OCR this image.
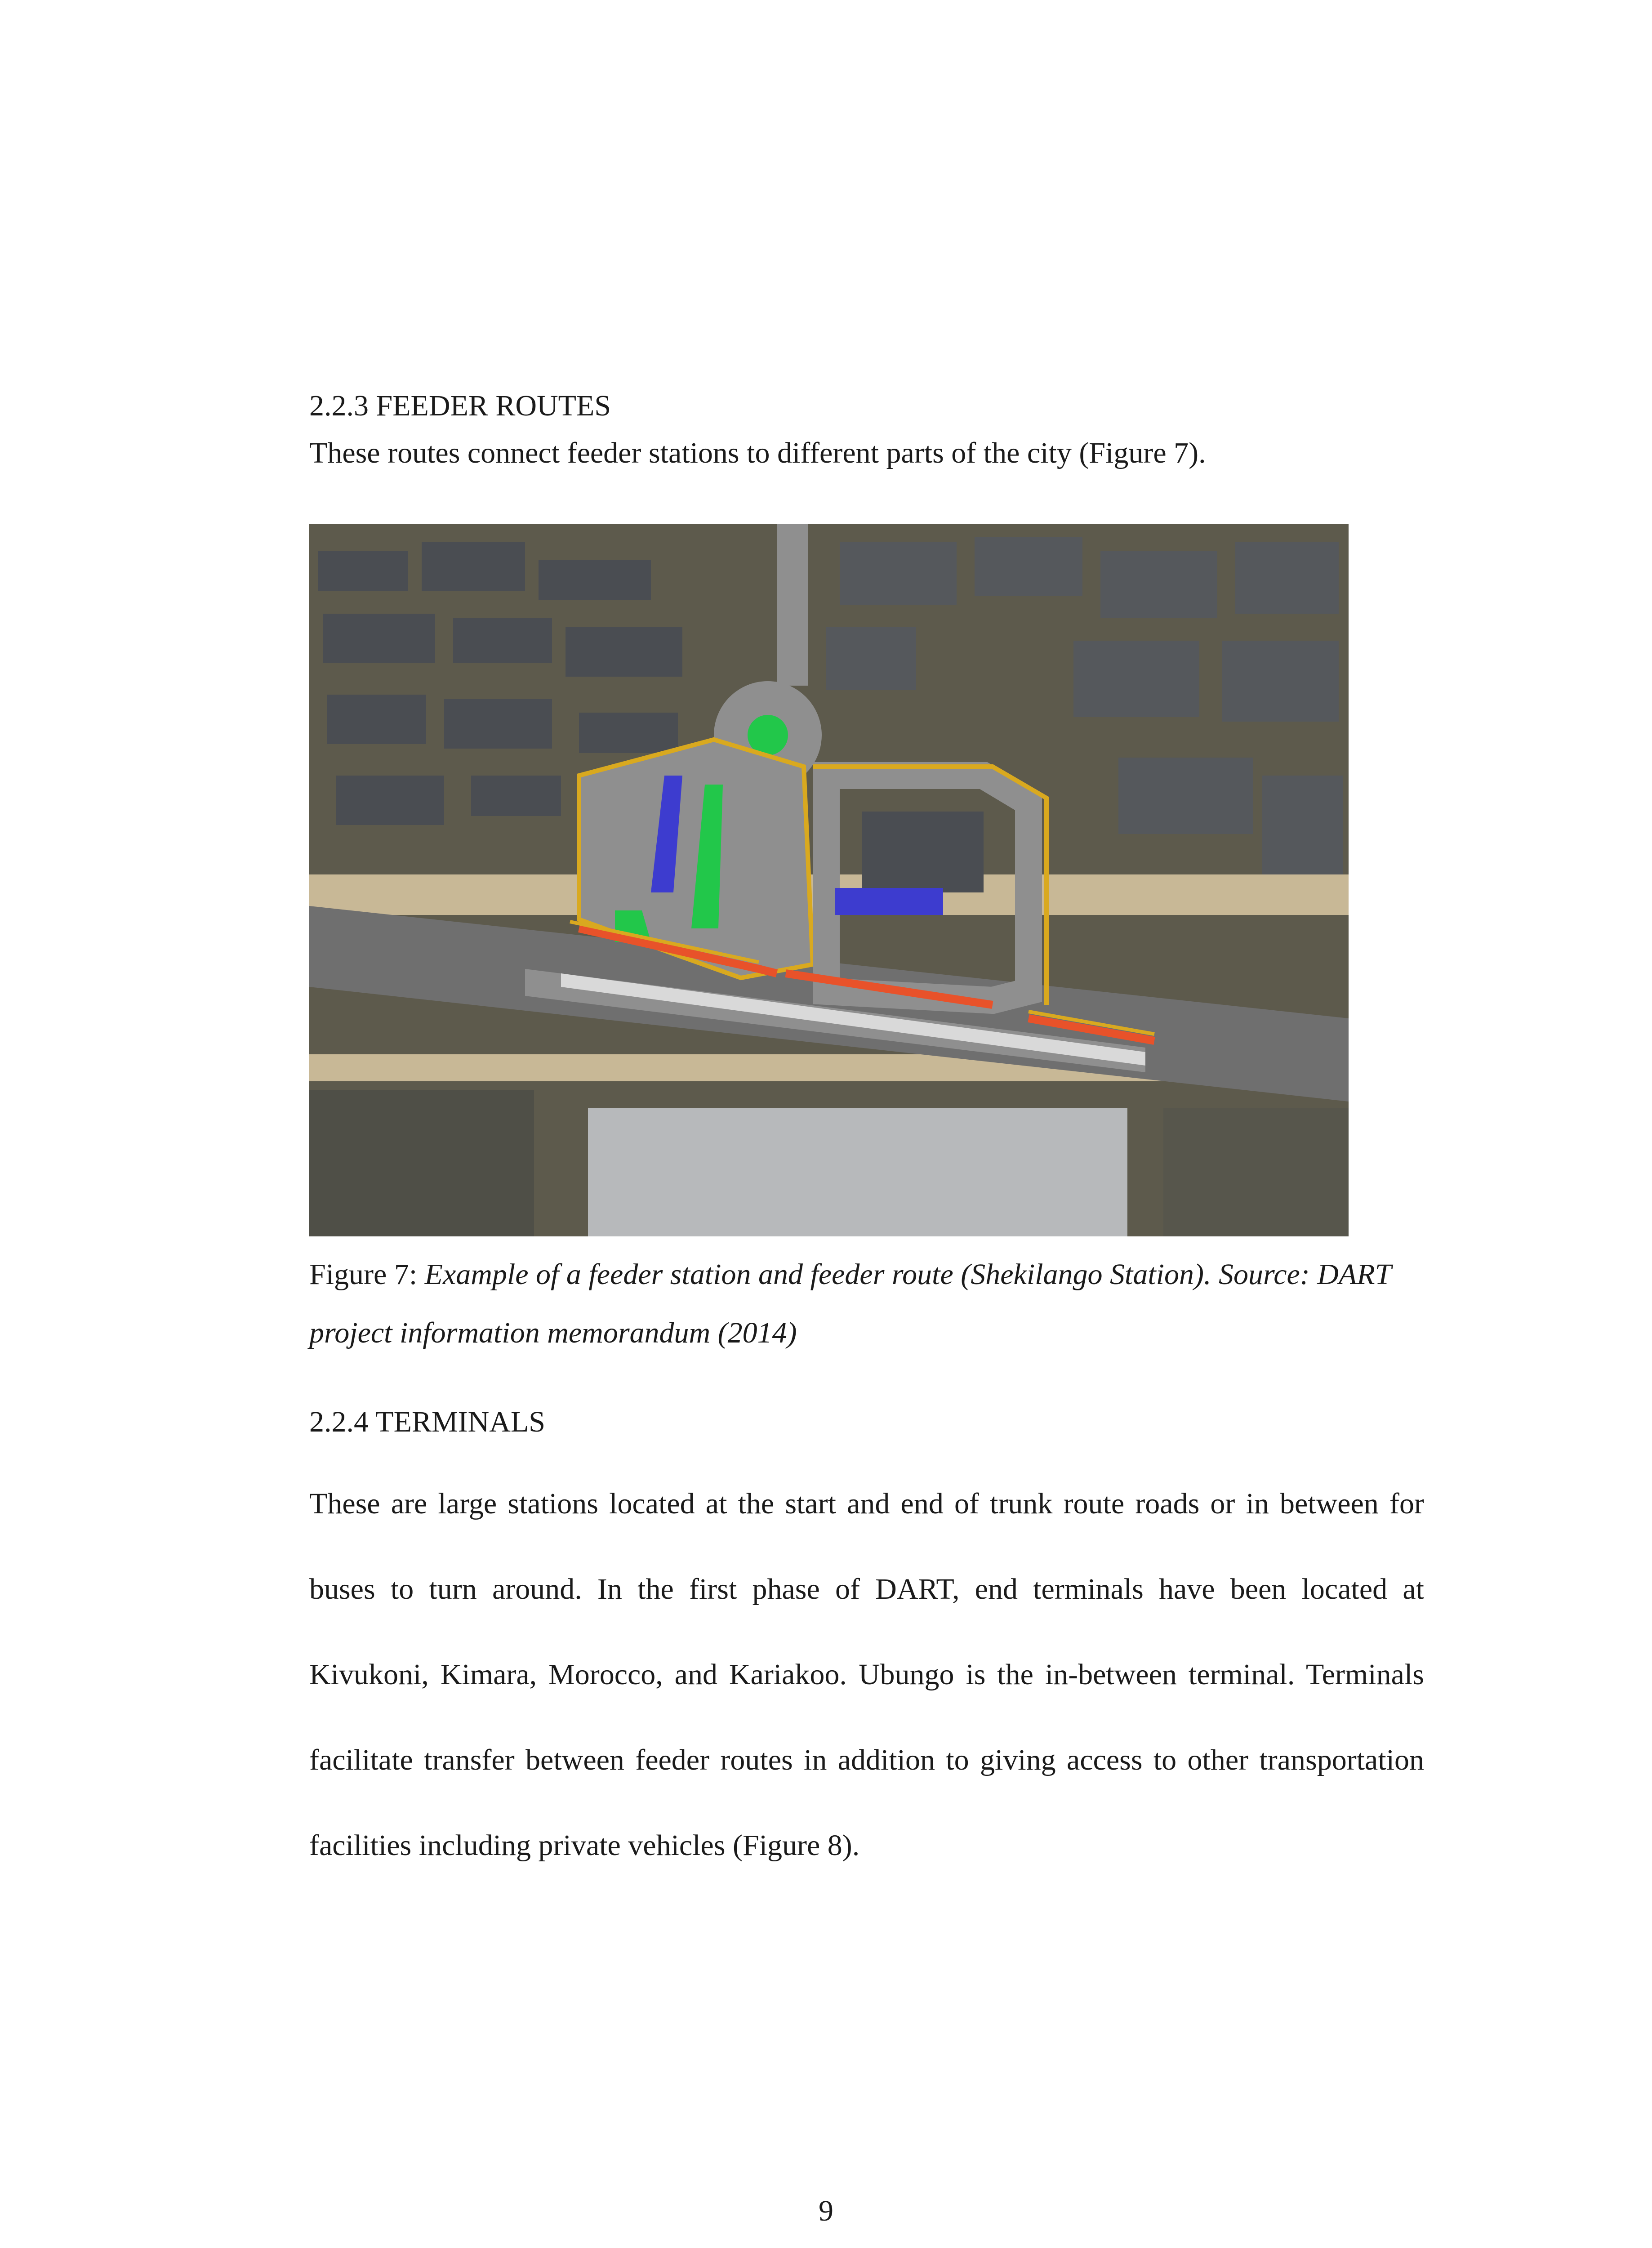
2.2.3 FEEDER ROUTES

These routes connect feeder stations to different parts of the city (Figure 7).

Figure 7: Example of a feeder station and feeder route (Shekilango Station). Source: DART project information memorandum (2014)

2.2.4 TERMINALS

These are large stations located at the start and end of trunk route roads or in between for buses to turn around. In the first phase of DART, end terminals have been located at Kivukoni, Kimara, Morocco, and Kariakoo. Ubungo is the in-between terminal. Terminals facilitate transfer between feeder routes in addition to giving access to other transportation facilities including private vehicles (Figure 8).

9
